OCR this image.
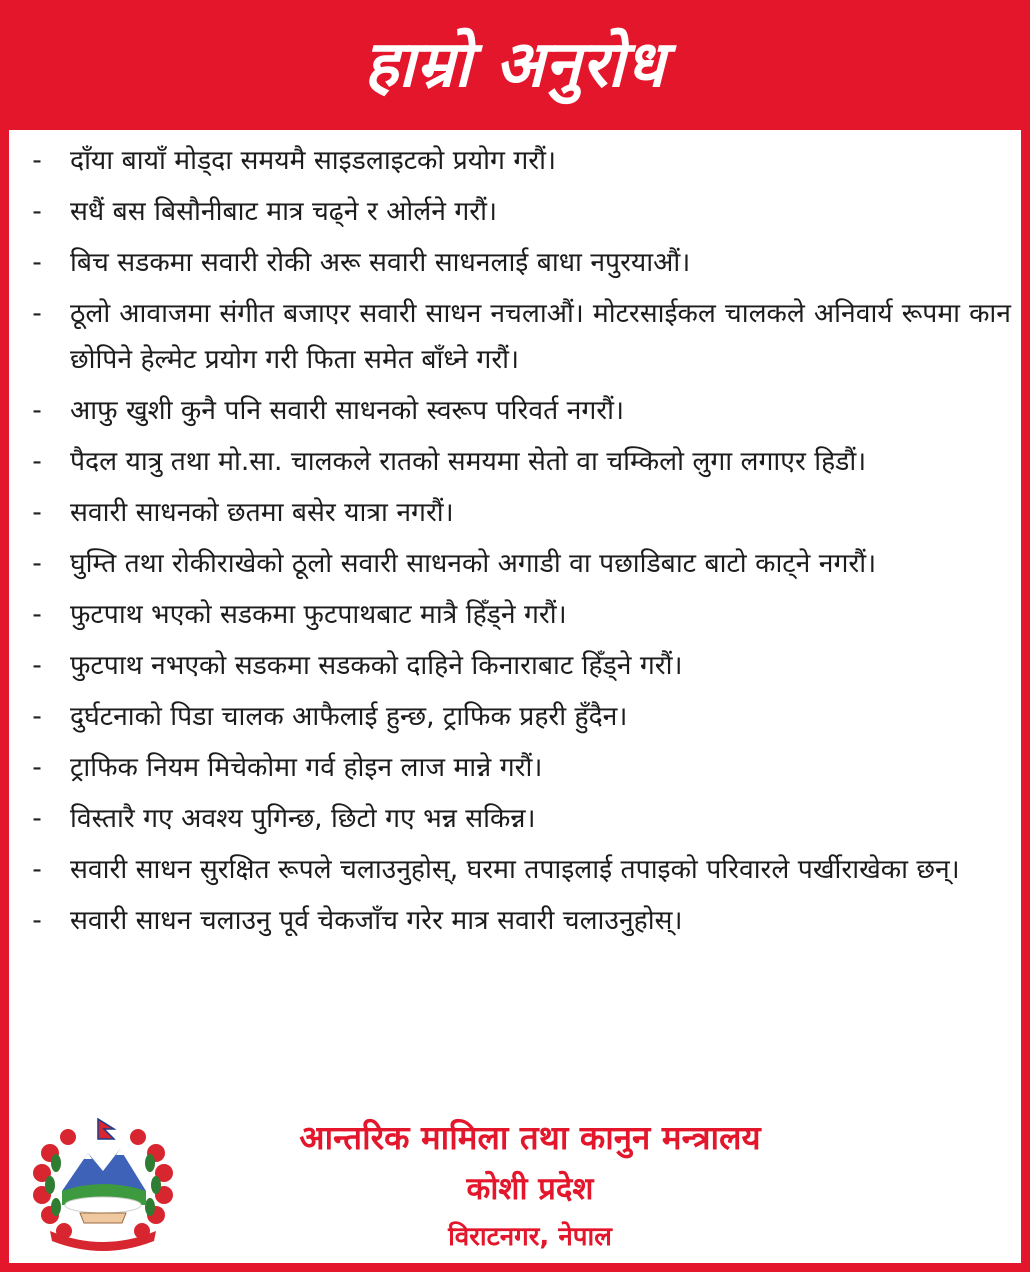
हाम्रो अनुरोध
- दाँया बायाँ मोड्दा समयमै साइडलाइटको प्रयोग गरौं।
- सधैं बस बिसौनीबाट मात्र चढ्ने र ओर्लने गरौं।
- बिच सडकमा सवारी रोकी अरू सवारी साधनलाई बाधा नपुरयाऔं।
- ठूलो आवाजमा संगीत बजाएर सवारी साधन नचलाऔं। मोटरसाईकल चालकले अनिवार्य रूपमा कान छोपिने हेल्मेट प्रयोग गरी फिता समेत बाँध्ने गरौं।
- आफु खुशी कुनै पनि सवारी साधनको स्वरूप परिवर्त नगरौं।
- पैदल यात्रु तथा मो.सा. चालकले रातको समयमा सेतो वा चम्किलो लुगा लगाएर हिडौं।
- सवारी साधनको छतमा बसेर यात्रा नगरौं।
- घुम्ति तथा रोकीराखेको ठूलो सवारी साधनको अगाडी वा पछाडिबाट बाटो काट्ने नगरौं।
- फुटपाथ भएको सडकमा फुटपाथबाट मात्रै हिँड्ने गरौं।
- फुटपाथ नभएको सडकमा सडकको दाहिने किनाराबाट हिँड्ने गरौं।
- दुर्घटनाको पिडा चालक आफैलाई हुन्छ, ट्राफिक प्रहरी हुँदैन।
- ट्राफिक नियम मिचेकोमा गर्व होइन लाज मान्ने गरौं।
- विस्तारै गए अवश्य पुगिन्छ, छिटो गए भन्न सकिन्न।
- सवारी साधन सुरक्षित रूपले चलाउनुहोस्, घरमा तपाइलाई तपाइको परिवारले पर्खीराखेका छन्।
- सवारी साधन चलाउनु पूर्व चेकजाँच गरेर मात्र सवारी चलाउनुहोस्।
आन्तरिक मामिला तथा कानुन मन्त्रालय
कोशी प्रदेश
विराटनगर, नेपाल
